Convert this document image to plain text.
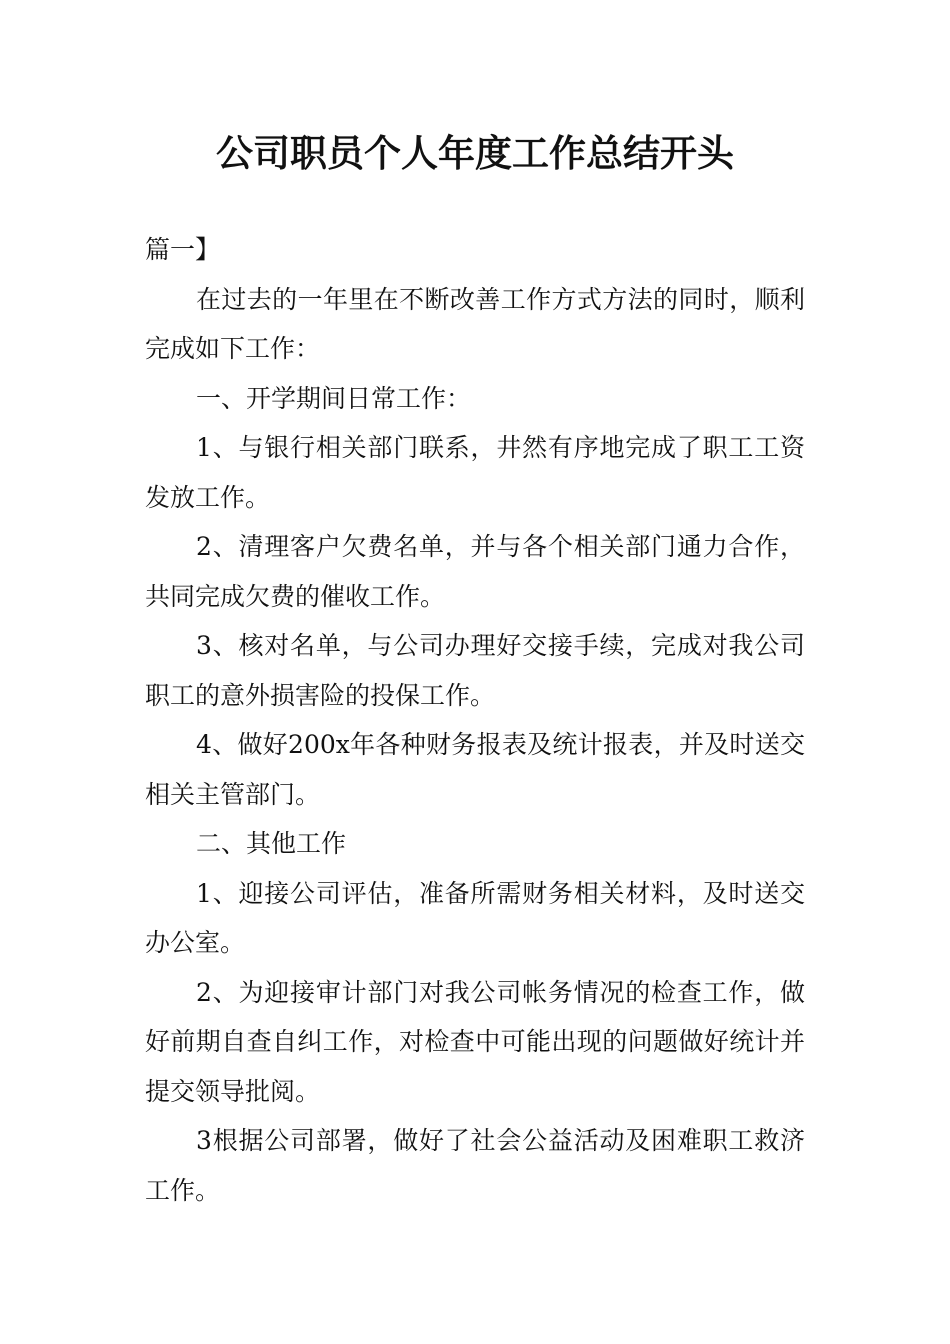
公司职员个人年度工作总结开头

篇一】

在过去的一年里在不断改善工作方式方法的同时，顺利完成如下工作：

一、开学期间日常工作：

1、与银行相关部门联系，井然有序地完成了职工工资发放工作。

2、清理客户欠费名单，并与各个相关部门通力合作，共同完成欠费的催收工作。

3、核对名单，与公司办理好交接手续，完成对我公司职工的意外损害险的投保工作。

4、做好200x年各种财务报表及统计报表，并及时送交相关主管部门。

二、其他工作

1、迎接公司评估，准备所需财务相关材料，及时送交办公室。

2、为迎接审计部门对我公司帐务情况的检查工作，做好前期自查自纠工作，对检查中可能出现的问题做好统计并提交领导批阅。

3根据公司部署，做好了社会公益活动及困难职工救济工作。
